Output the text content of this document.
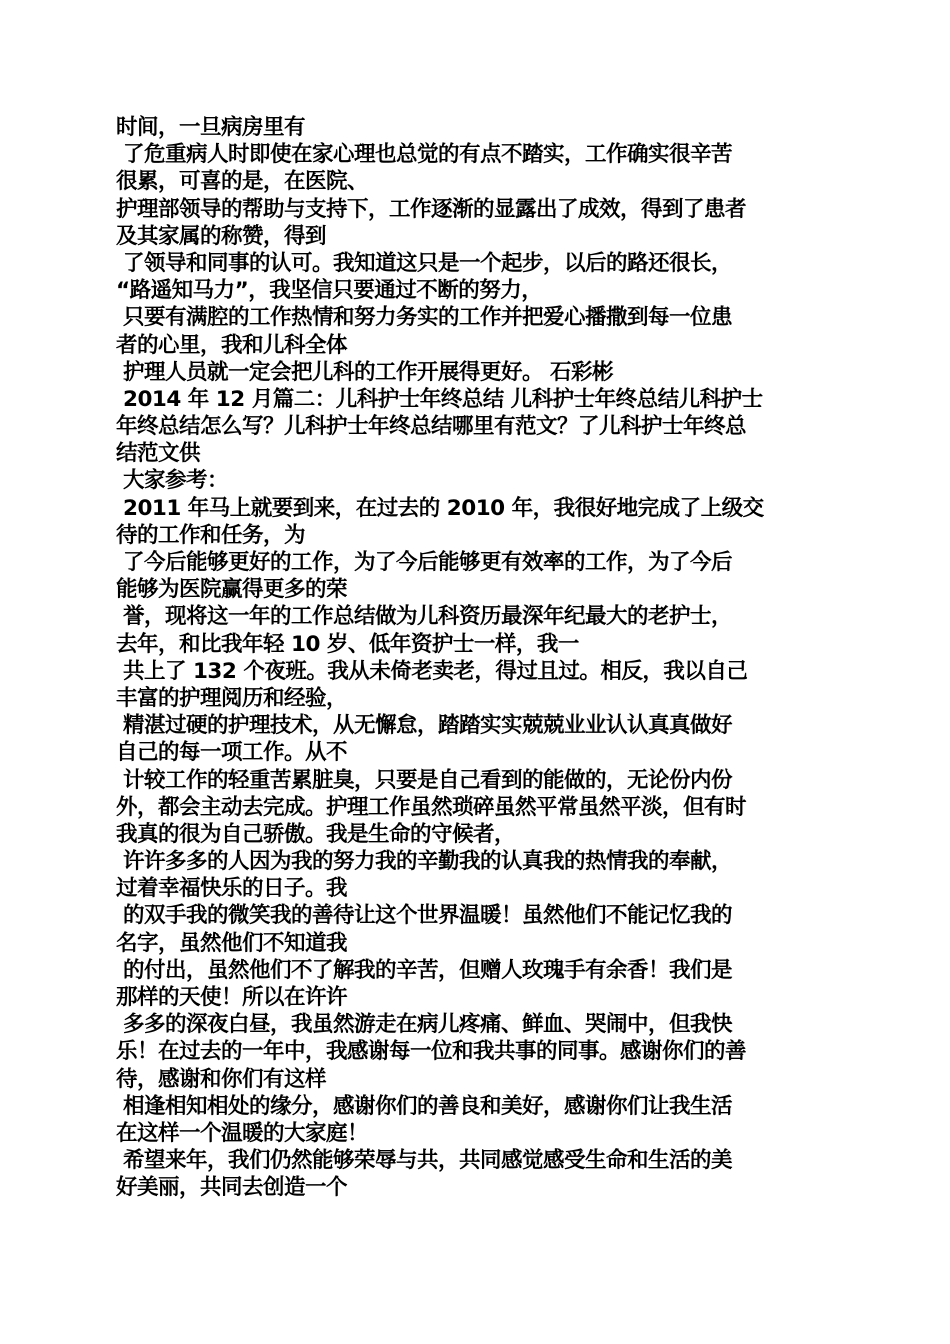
时间，一旦病房里有
了危重病人时即使在家心理也总觉的有点不踏实，工作确实很辛苦
很累，可喜的是，在医院、
护理部领导的帮助与支持下，工作逐渐的显露出了成效，得到了患者
及其家属的称赞，得到
了领导和同事的认可。我知道这只是一个起步，以后的路还很长，
“路遥知马力”，我坚信只要通过不断的努力，
只要有满腔的工作热情和努力务实的工作并把爱心播撒到每一位患
者的心里，我和儿科全体
护理人员就一定会把儿科的工作开展得更好。 石彩彬
2014 年 12 月篇二：儿科护士年终总结 儿科护士年终总结儿科护士
年终总结怎么写？儿科护士年终总结哪里有范文？了儿科护士年终总
结范文供
大家参考：
2011 年马上就要到来，在过去的 2010 年，我很好地完成了上级交
待的工作和任务，为
了今后能够更好的工作，为了今后能够更有效率的工作，为了今后
能够为医院赢得更多的荣
誉，现将这一年的工作总结做为儿科资历最深年纪最大的老护士，
去年，和比我年轻 10 岁、低年资护士一样，我一
共上了 132 个夜班。我从未倚老卖老，得过且过。相反，我以自己
丰富的护理阅历和经验，
精湛过硬的护理技术，从无懈怠，踏踏实实兢兢业业认认真真做好
自己的每一项工作。从不
计较工作的轻重苦累脏臭，只要是自己看到的能做的，无论份内份
外，都会主动去完成。护理工作虽然琐碎虽然平常虽然平淡，但有时
我真的很为自己骄傲。我是生命的守候者，
许许多多的人因为我的努力我的辛勤我的认真我的热情我的奉献，
过着幸福快乐的日子。我
的双手我的微笑我的善待让这个世界温暖！虽然他们不能记忆我的
名字，虽然他们不知道我
的付出，虽然他们不了解我的辛苦，但赠人玫瑰手有余香！我们是
那样的天使！所以在许许
多多的深夜白昼，我虽然游走在病儿疼痛、鲜血、哭闹中，但我快
乐！在过去的一年中，我感谢每一位和我共事的同事。感谢你们的善
待，感谢和你们有这样
相逢相知相处的缘分，感谢你们的善良和美好，感谢你们让我生活
在这样一个温暖的大家庭！
希望来年，我们仍然能够荣辱与共，共同感觉感受生命和生活的美
好美丽，共同去创造一个
